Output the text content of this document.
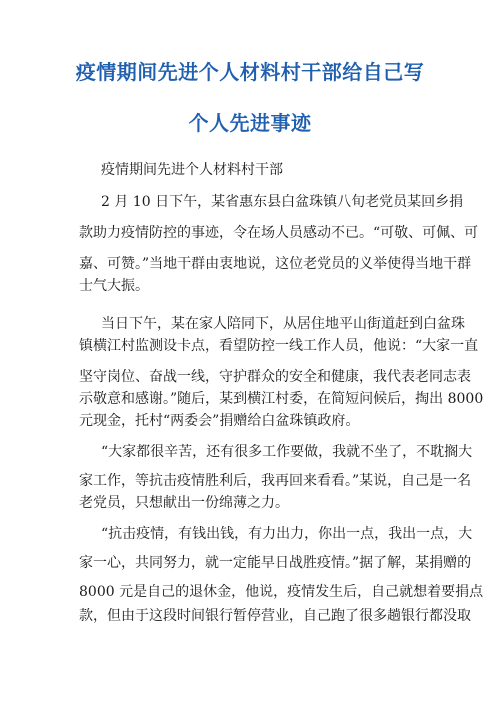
疫情期间先进个人材料村干部给自己写
个人先进事迹
疫情期间先进个人材料村干部
2 月 10 日下午，某省惠东县白盆珠镇八旬老党员某回乡捐
款助力疫情防控的事迹，令在场人员感动不已。“可敬、可佩、可
嘉、可赞。”当地干群由衷地说，这位老党员的义举使得当地干群
士气大振。
当日下午，某在家人陪同下，从居住地平山街道赶到白盆珠
镇横江村监测设卡点，看望防控一线工作人员，他说：“大家一直
坚守岗位、奋战一线，守护群众的安全和健康，我代表老同志表
示敬意和感谢。”随后，某到横江村委，在简短问候后，掏出 8000
元现金，托村“两委会”捐赠给白盆珠镇政府。
“大家都很辛苦，还有很多工作要做，我就不坐了，不耽搁大
家工作，等抗击疫情胜利后，我再回来看看。”某说，自己是一名
老党员，只想献出一份绵薄之力。
“抗击疫情，有钱出钱，有力出力，你出一点，我出一点，大
家一心，共同努力，就一定能早日战胜疫情。”据了解，某捐赠的
8000 元是自己的退休金，他说，疫情发生后，自己就想着要捐点
款，但由于这段时间银行暂停营业，自己跑了很多趟银行都没取
